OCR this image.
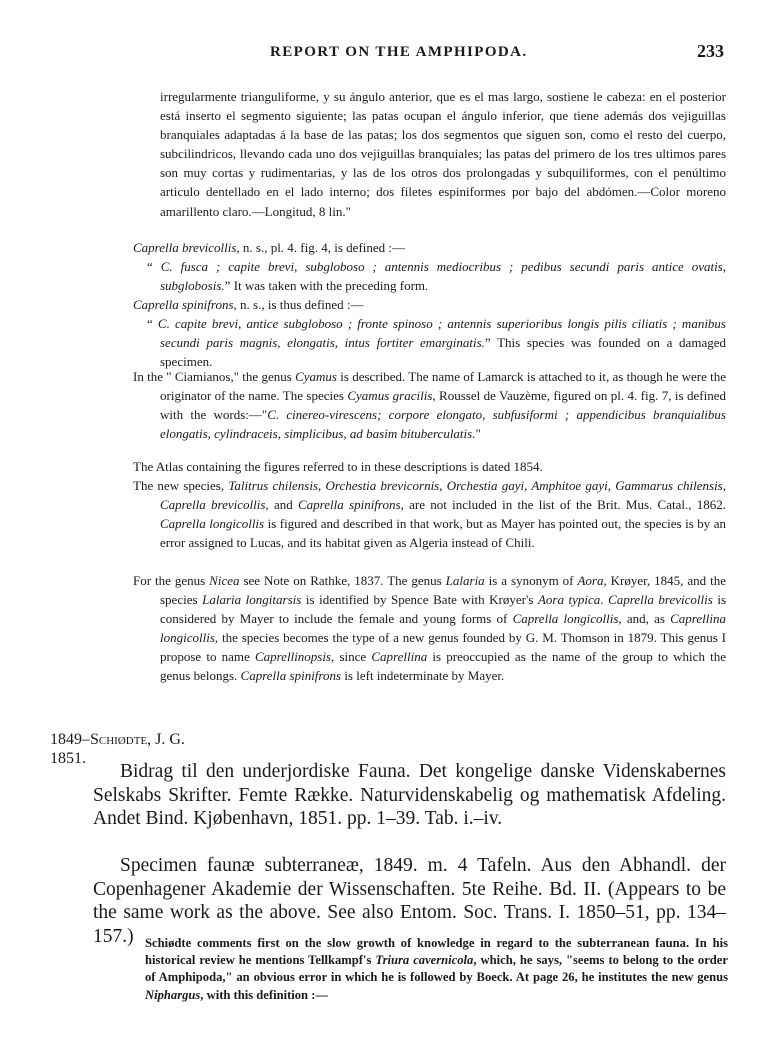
REPORT ON THE AMPHIPODA.	233

irregularmente trianguliforme, y su ángulo anterior, que es el mas largo, sostiene le cabeza: en el posterior está inserto el segmento siguiente; las patas ocupan el ángulo inferior, que tiene además dos vejiguillas branquiales adaptadas á la base de las patas; los dos segmentos que siguen son, como el resto del cuerpo, subcilindricos, llevando cada uno dos vejiguillas branquiales; las patas del primero de los tres ultimos pares son muy cortas y rudimentarias, y las de los otros dos prolongadas y subquiliformes, con el penúltimo articulo dentellado en el lado interno; dos filetes espiniformes por bajo del abdómen.—Color moreno amarillento claro.—Longitud, 8 lin."

Caprella brevicollis, n. s., pl. 4. fig. 4, is defined :—

“ C. fusca ; capite brevi, subgloboso ; antennis mediocribus ; pedibus secundi paris antice ovatis, subglobosis.” It was taken with the preceding form.

Caprella spinifrons, n. s., is thus defined :—

“ C. capite brevi, antice subgloboso ; fronte spinoso ; antennis superioribus longis pilis ciliatis ; manibus secundi paris magnis, elongatis, intus fortiter emarginatis.” This species was founded on a damaged specimen.

In the " Ciamianos," the genus Cyamus is described. The name of Lamarck is attached to it, as though he were the originator of the name. The species Cyamus gracilis, Roussel de Vauzème, figured on pl. 4. fig. 7, is defined with the words:—"C. cinereo-virescens; corpore elongato, subfusiformi ; appendicibus branquialibus elongatis, cylindraceis, simplicibus, ad basim bituberculatis."

The Atlas containing the figures referred to in these descriptions is dated 1854.

The new species, Talitrus chilensis, Orchestia brevicornis, Orchestia gayi, Amphitoe gayi, Gammarus chilensis, Caprella brevicollis, and Caprella spinifrons, are not included in the list of the Brit. Mus. Catal., 1862. Caprella longicollis is figured and described in that work, but as Mayer has pointed out, the species is by an error assigned to Lucas, and its habitat given as Algeria instead of Chili.

For the genus Nicea see Note on Rathke, 1837. The genus Lalaria is a synonym of Aora, Krøyer, 1845, and the species Lalaria longitarsis is identified by Spence Bate with Krøyer's Aora typica. Caprella brevicollis is considered by Mayer to include the female and young forms of Caprella longicollis, and, as Caprellina longicollis, the species becomes the type of a new genus founded by G. M. Thomson in 1879. This genus I propose to name Caprellinopsis, since Caprellina is preoccupied as the name of the group to which the genus belongs. Caprella spinifrons is left indeterminate by Mayer.

1849–Schiødte, J. G.
1851.

Bidrag til den underjordiske Fauna. Det kongelige danske Videnskabernes Selskabs Skrifter. Femte Række. Naturvidenskabelig og mathematisk Afdeling. Andet Bind. Kjøbenhavn, 1851. pp. 1–39. Tab. i.–iv.

Specimen faunæ subterraneæ, 1849. m. 4 Tafeln. Aus den Abhandl. der Copenhagener Akademie der Wissenschaften. 5te Reihe. Bd. II. (Appears to be the same work as the above. See also Entom. Soc. Trans. I. 1850–51, pp. 134–157.) Schiødte comments first on the slow growth of knowledge in regard to the subterranean fauna. In his historical review he mentions Tellkampf's Triura cavernicola, which, he says, "seems to belong to the order of Amphipoda," an obvious error in which he is followed by Boeck. At page 26, he institutes the new genus Niphargus, with this definition :—
